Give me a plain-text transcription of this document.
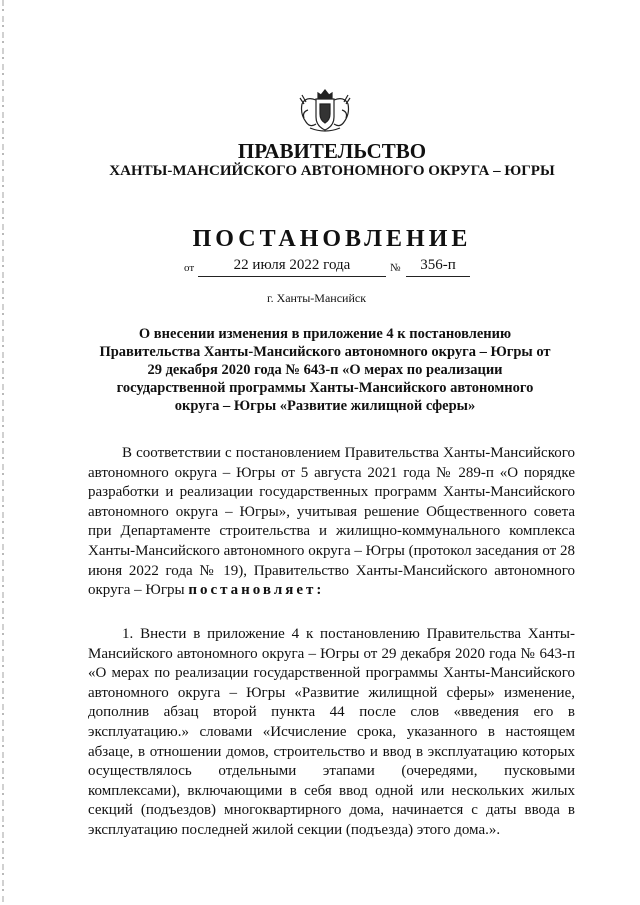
ПРАВИТЕЛЬСТВО
ХАНТЫ-МАНСИЙСКОГО АВТОНОМНОГО ОКРУГА – ЮГРЫ
ПОСТАНОВЛЕНИЕ
от	22 июля 2022 года	№	356-п
г. Ханты-Мансийск
О внесении изменения в приложение 4 к постановлению Правительства Ханты-Мансийского автономного округа – Югры от 29 декабря 2020 года № 643-п «О мерах по реализации государственной программы Ханты-Мансийского автономного округа – Югры «Развитие жилищной сферы»
В соответствии с постановлением Правительства Ханты-Мансийского автономного округа – Югры от 5 августа 2021 года № 289-п «О порядке разработки и реализации государственных программ Ханты-Мансийского автономного округа – Югры», учитывая решение Общественного совета при Департаменте строительства и жилищно-коммунального комплекса Ханты-Мансийского автономного округа – Югры (протокол заседания от 28 июня 2022 года № 19), Правительство Ханты-Мансийского автономного округа – Югры постановляет:
1. Внести в приложение 4 к постановлению Правительства Ханты-Мансийского автономного округа – Югры от 29 декабря 2020 года № 643-п «О мерах по реализации государственной программы Ханты-Мансийского автономного округа – Югры «Развитие жилищной сферы» изменение, дополнив абзац второй пункта 44 после слов «введения его в эксплуатацию.» словами «Исчисление срока, указанного в настоящем абзаце, в отношении домов, строительство и ввод в эксплуатацию которых осуществлялось отдельными этапами (очередями, пусковыми комплексами), включающими в себя ввод одной или нескольких жилых секций (подъездов) многоквартирного дома, начинается с даты ввода в эксплуатацию последней жилой секции (подъезда) этого дома.».
